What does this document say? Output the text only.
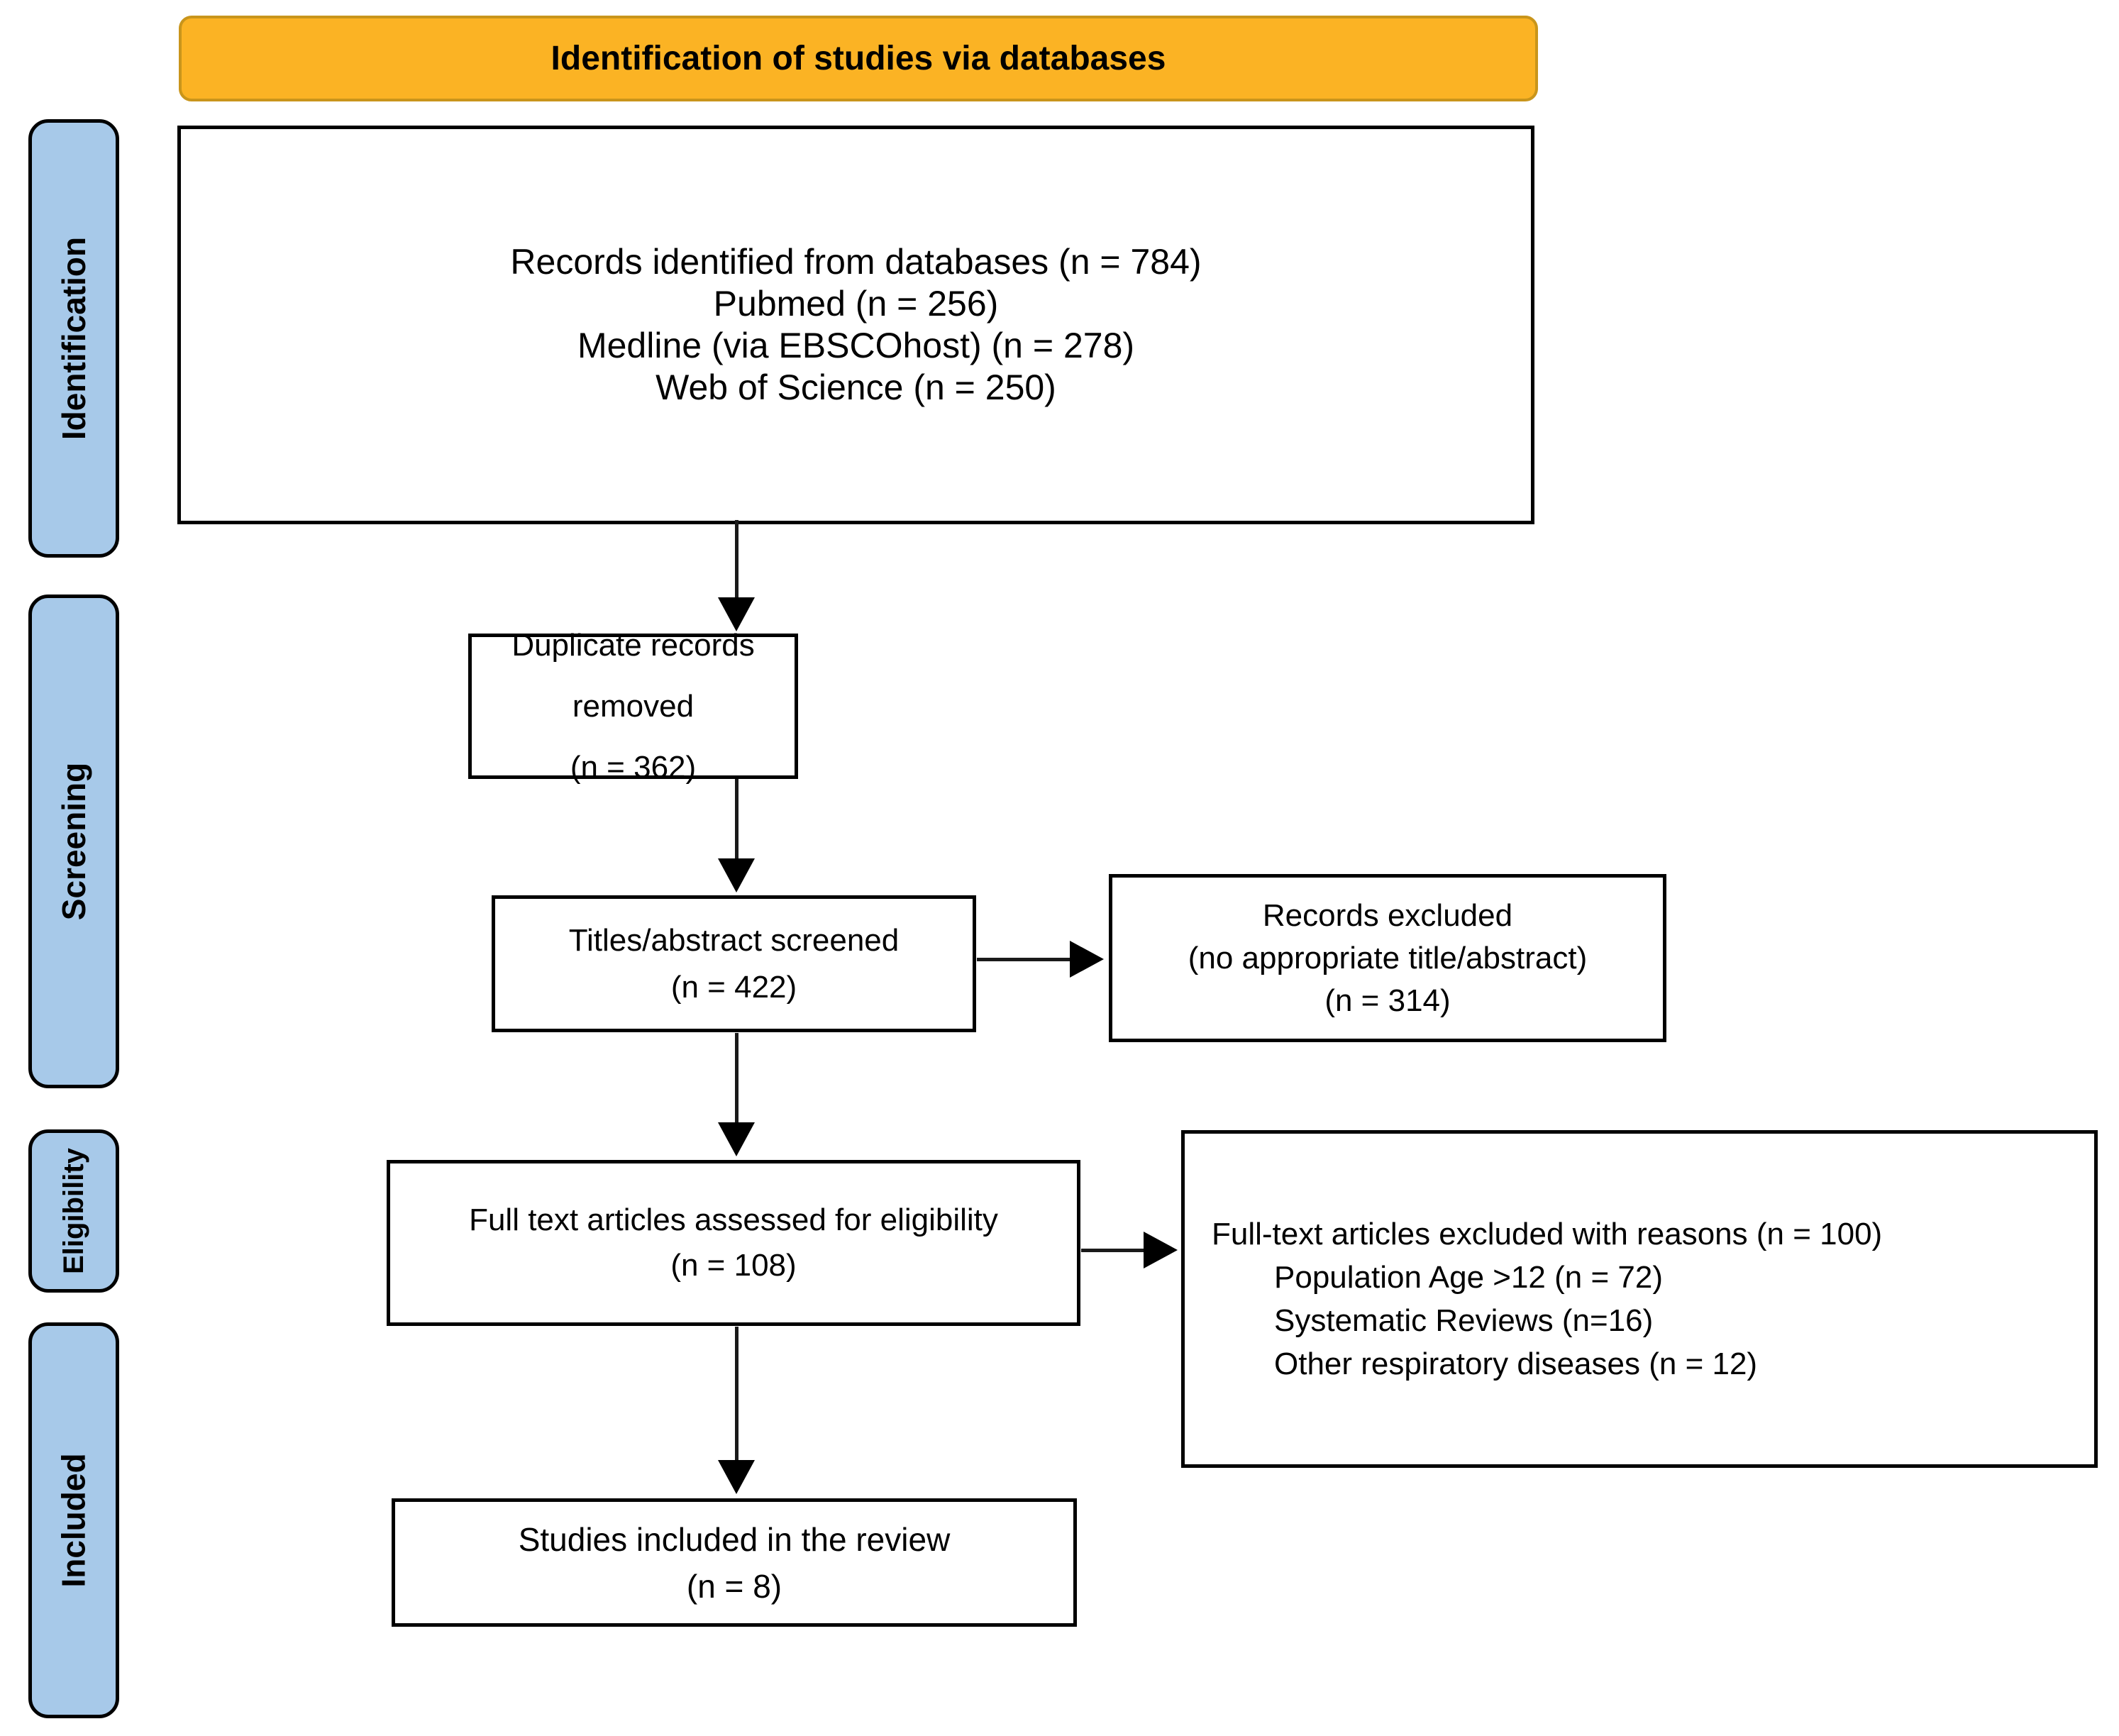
Identification of studies via databases
Identification
Screening
Eligibility
Included
Records identified from databases (n = 784)
Pubmed (n = 256)
Medline (via EBSCOhost) (n = 278)
Web of Science (n = 250)
Duplicate records removed
(n = 362)
Titles/abstract screened
(n = 422)
Records excluded
(no appropriate title/abstract)
(n = 314)
Full text articles assessed for eligibility
(n = 108)
Full-text articles excluded with reasons (n = 100)
Population Age >12 (n = 72)
Systematic Reviews (n=16)
Other respiratory diseases (n = 12)
Studies included in the review
(n = 8)
